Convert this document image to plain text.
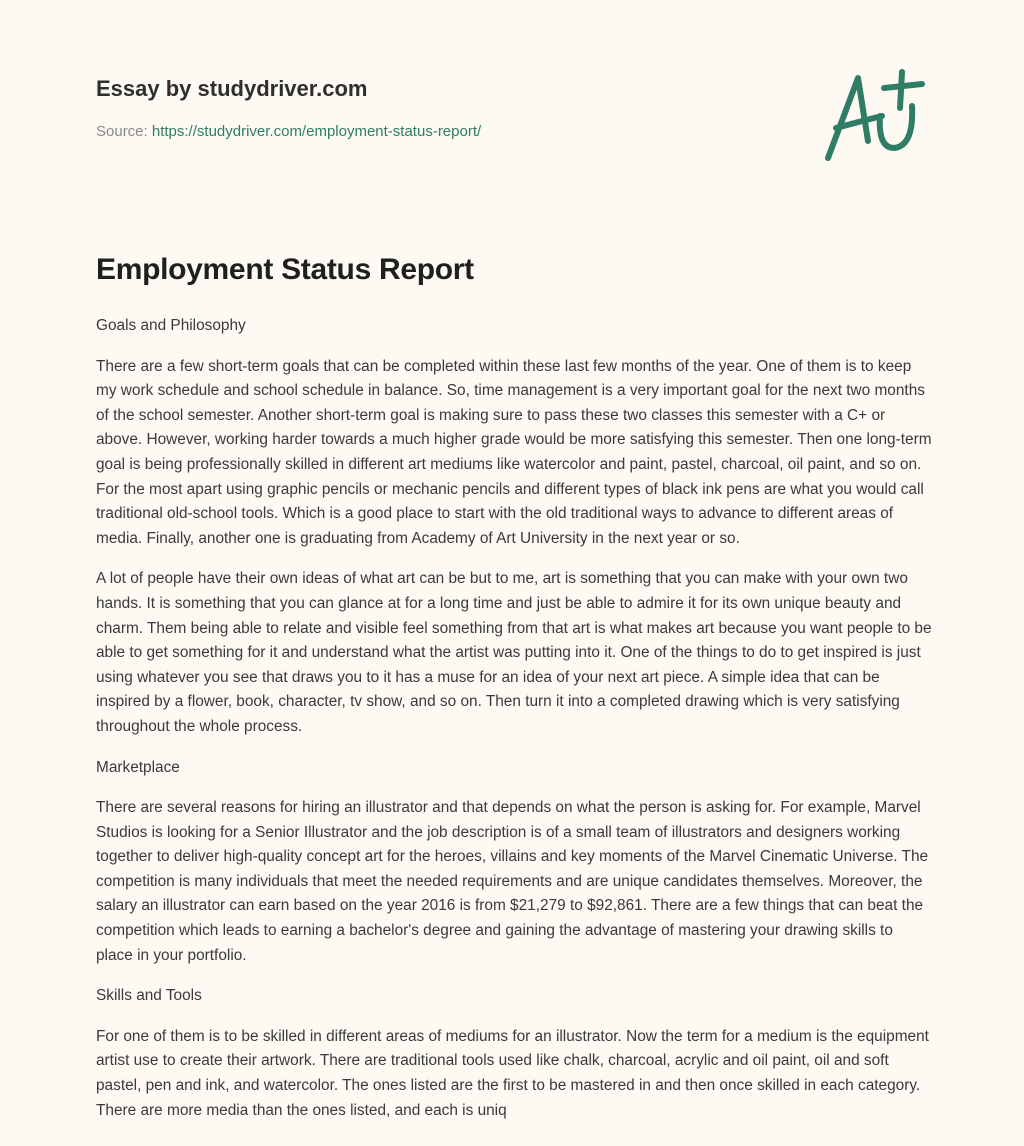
Essay by studydriver.com
Source: https://studydriver.com/employment-status-report/
Employment Status Report

Goals and Philosophy

There are a few short-term goals that can be completed within these last few months of the year. One of them is to keep my work schedule and school schedule in balance. So, time management is a very important goal for the next two months of the school semester. Another short-term goal is making sure to pass these two classes this semester with a C+ or above. However, working harder towards a much higher grade would be more satisfying this semester. Then one long-term goal is being professionally skilled in different art mediums like watercolor and paint, pastel, charcoal, oil paint, and so on. For the most apart using graphic pencils or mechanic pencils and different types of black ink pens are what you would call traditional old-school tools. Which is a good place to start with the old traditional ways to advance to different areas of media. Finally, another one is graduating from Academy of Art University in the next year or so.

A lot of people have their own ideas of what art can be but to me, art is something that you can make with your own two hands. It is something that you can glance at for a long time and just be able to admire it for its own unique beauty and charm. Them being able to relate and visible feel something from that art is what makes art because you want people to be able to get something for it and understand what the artist was putting into it. One of the things to do to get inspired is just using whatever you see that draws you to it has a muse for an idea of your next art piece. A simple idea that can be inspired by a flower, book, character, tv show, and so on. Then turn it into a completed drawing which is very satisfying throughout the whole process.

Marketplace

There are several reasons for hiring an illustrator and that depends on what the person is asking for. For example, Marvel Studios is looking for a Senior Illustrator and the job description is of a small team of illustrators and designers working together to deliver high-quality concept art for the heroes, villains and key moments of the Marvel Cinematic Universe. The competition is many individuals that meet the needed requirements and are unique candidates themselves. Moreover, the salary an illustrator can earn based on the year 2016 is from $21,279 to $92,861. There are a few things that can beat the competition which leads to earning a bachelor's degree and gaining the advantage of mastering your drawing skills to place in your portfolio.

Skills and Tools

For one of them is to be skilled in different areas of mediums for an illustrator. Now the term for a medium is the equipment artist use to create their artwork. There are traditional tools used like chalk, charcoal, acrylic and oil paint, oil and soft pastel, pen and ink, and watercolor. The ones listed are the first to be mastered in and then once skilled in each category. There are more media than the ones listed, and each is uniq
